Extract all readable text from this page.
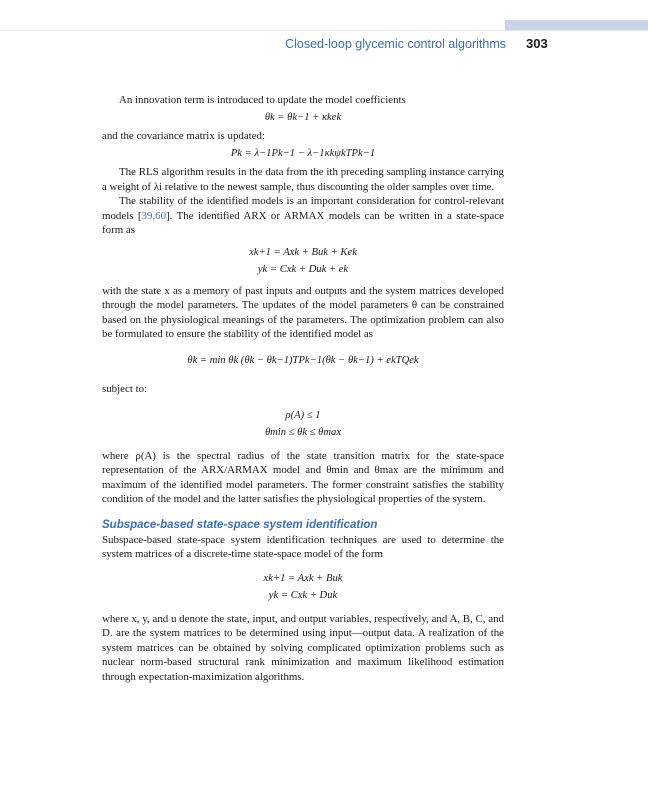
Closed-loop glycemic control algorithms 303

An innovation term is introduced to update the model coefficients

θk = θk−1 + κkek

and the covariance matrix is updated:

Pk = λ−1Pk−1 − λ−1κkψkTPk−1

The RLS algorithm results in the data from the ith preceding sampling instance carrying a weight of λi relative to the newest sample, thus discounting the older samples over time.

The stability of the identified models is an important consideration for control-relevant models [39,60]. The identified ARX or ARMAX models can be written in a state-space form as

xk+1 = Axk + Buk + Kek
yk = Cxk + Duk + ek

with the state x as a memory of past inputs and outputs and the system matrices developed through the model parameters. The updates of the model parameters θ can be constrained based on the physiological meanings of the parameters. The optimization problem can also be formulated to ensure the stability of the identified model as

θk = min θk (θk − θk−1)TPk−1(θk − θk−1) + ekTQek

subject to:

ρ(A) ≤ 1
θmin ≤ θk ≤ θmax

where ρ(A) is the spectral radius of the state transition matrix for the state-space representation of the ARX/ARMAX model and θmin and θmax are the minimum and maximum of the identified model parameters. The former constraint satisfies the stability condition of the model and the latter satisfies the physiological properties of the system.

Subspace-based state-space system identification

Subspace-based state-space system identification techniques are used to determine the system matrices of a discrete-time state-space model of the form

xk+1 = Axk + Buk
yk = Cxk + Duk

where x, y, and u denote the state, input, and output variables, respectively, and A, B, C, and D. are the system matrices to be determined using input—output data. A realization of the system matrices can be obtained by solving complicated optimization problems such as nuclear norm-based structural rank minimization and maximum likelihood estimation through expectation-maximization algorithms.
